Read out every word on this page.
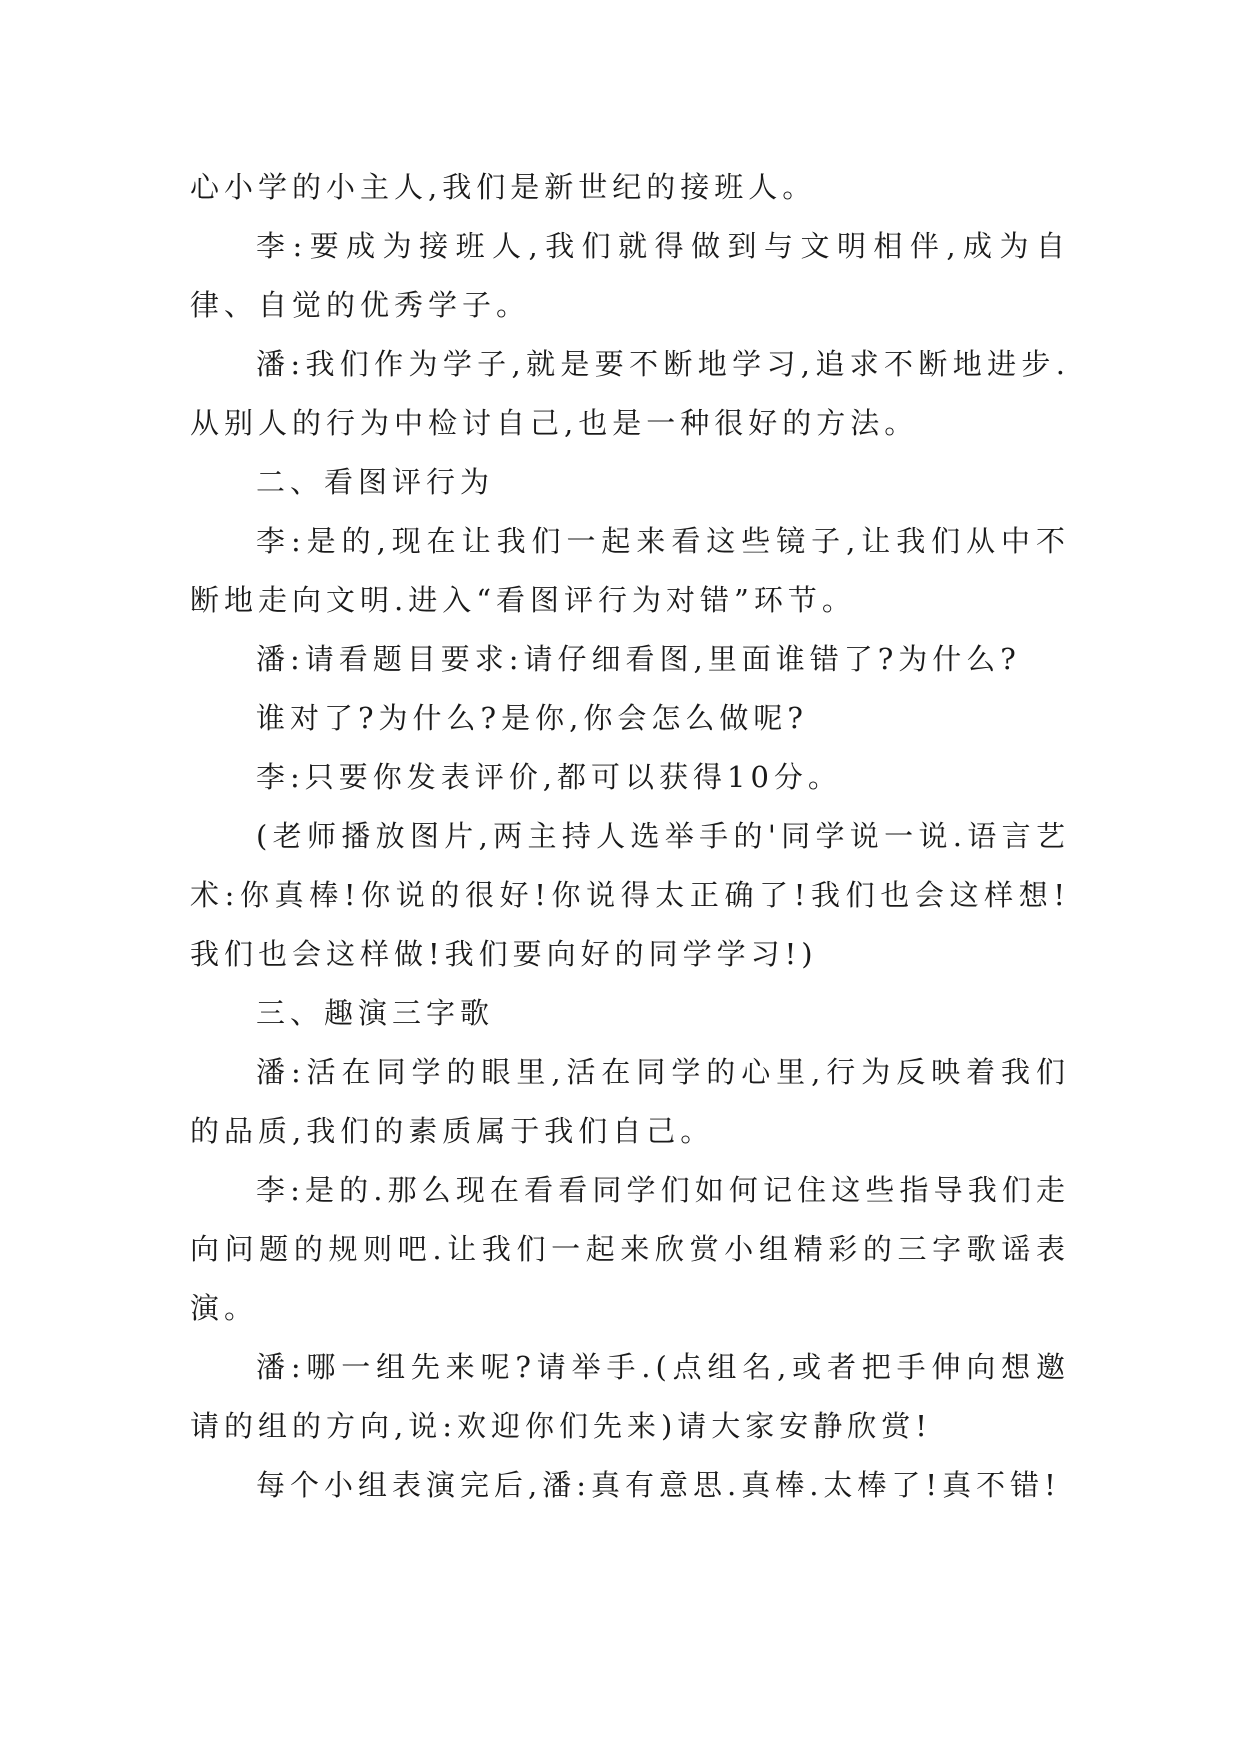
心小学的小主人,我们是新世纪的接班人。

李:要成为接班人,我们就得做到与文明相伴,成为自律、自觉的优秀学子。

潘:我们作为学子,就是要不断地学习,追求不断地进步.从别人的行为中检讨自己,也是一种很好的方法。

二、看图评行为

李:是的,现在让我们一起来看这些镜子,让我们从中不断地走向文明.进入“看图评行为对错”环节。

潘:请看题目要求:请仔细看图,里面谁错了?为什么?

谁对了?为什么?是你,你会怎么做呢?

李:只要你发表评价,都可以获得10分。

(老师播放图片,两主持人选举手的'同学说一说.语言艺术:你真棒!你说的很好!你说得太正确了!我们也会这样想!我们也会这样做!我们要向好的同学学习!)

三、趣演三字歌

潘:活在同学的眼里,活在同学的心里,行为反映着我们的品质,我们的素质属于我们自己。

李:是的.那么现在看看同学们如何记住这些指导我们走向问题的规则吧.让我们一起来欣赏小组精彩的三字歌谣表演。

潘:哪一组先来呢?请举手.(点组名,或者把手伸向想邀请的组的方向,说:欢迎你们先来)请大家安静欣赏!

每个小组表演完后,潘:真有意思.真棒.太棒了!真不错!
